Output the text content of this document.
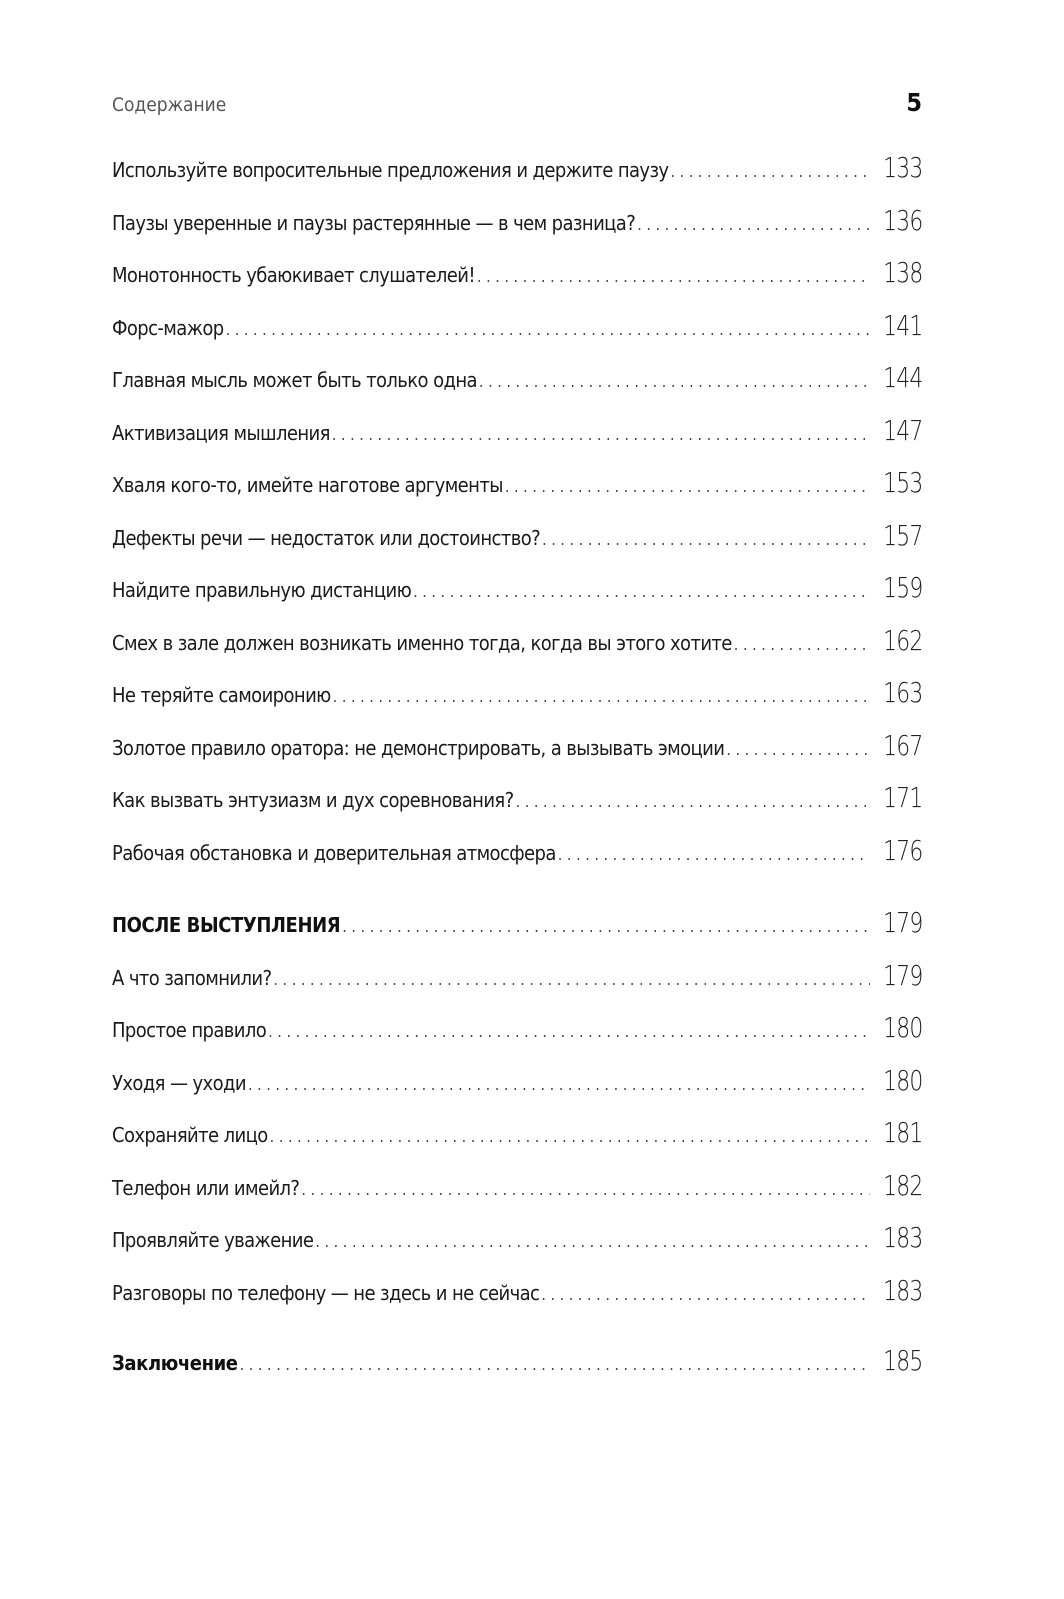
Содержание	5
Используйте вопросительные предложения и держите паузу . . .	133
Паузы уверенные и паузы растерянные — в чем разница? . . .	136
Монотонность убаюкивает слушателей! . . .	138
Форс-мажор . . .	141
Главная мысль может быть только одна . . .	144
Активизация мышления . . .	147
Хваля кого-то, имейте наготове аргументы . . .	153
Дефекты речи — недостаток или достоинство? . . .	157
Найдите правильную дистанцию . . .	159
Смех в зале должен возникать именно тогда, когда вы этого хотите . . .	162
Не теряйте самоиронию . . .	163
Золотое правило оратора: не демонстрировать, а вызывать эмоции . . .	167
Как вызвать энтузиазм и дух соревнования? . . .	171
Рабочая обстановка и доверительная атмосфера . . .	176
ПОСЛЕ ВЫСТУПЛЕНИЯ . . .	179
А что запомнили? . . .	179
Простое правило . . .	180
Уходя — уходи . . .	180
Сохраняйте лицо . . .	181
Телефон или имейл? . . .	182
Проявляйте уважение . . .	183
Разговоры по телефону — не здесь и не сейчас . . .	183
Заключение . . .	185
